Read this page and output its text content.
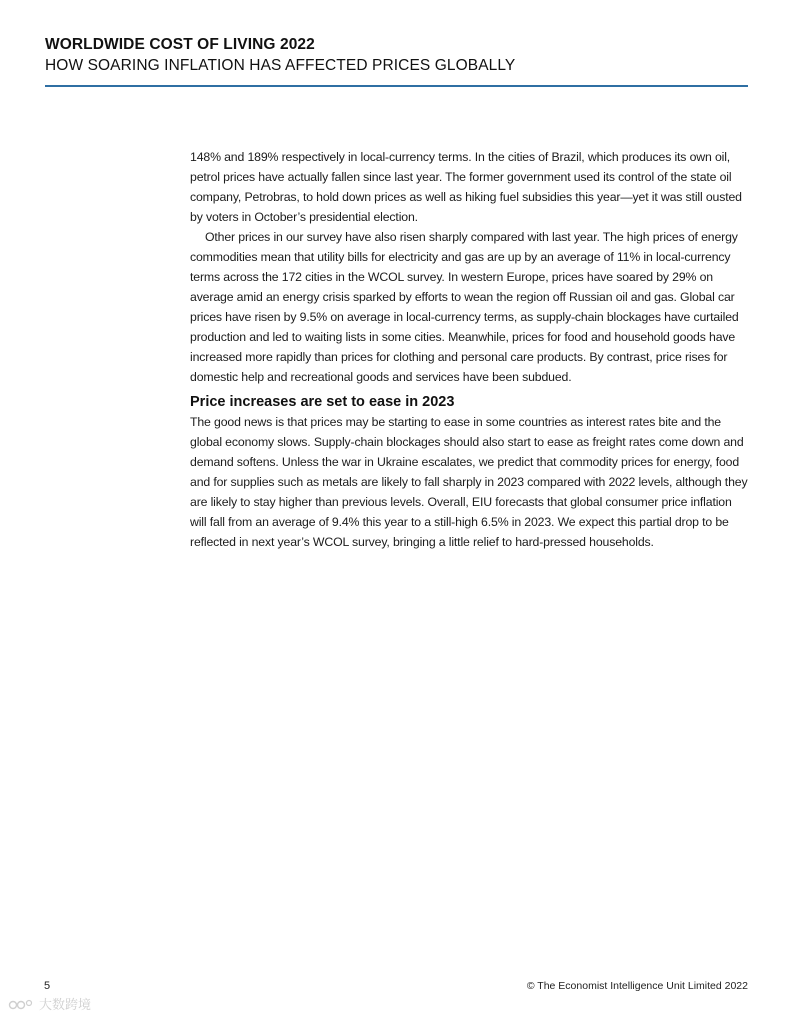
WORLDWIDE COST OF LIVING 2022
HOW SOARING INFLATION HAS AFFECTED PRICES GLOBALLY

148% and 189% respectively in local-currency terms. In the cities of Brazil, which produces its own oil, petrol prices have actually fallen since last year. The former government used its control of the state oil company, Petrobras, to hold down prices as well as hiking fuel subsidies this year—yet it was still ousted by voters in October’s presidential election.

Other prices in our survey have also risen sharply compared with last year. The high prices of energy commodities mean that utility bills for electricity and gas are up by an average of 11% in local-currency terms across the 172 cities in the WCOL survey. In western Europe, prices have soared by 29% on average amid an energy crisis sparked by efforts to wean the region off Russian oil and gas. Global car prices have risen by 9.5% on average in local-currency terms, as supply-chain blockages have curtailed production and led to waiting lists in some cities. Meanwhile, prices for food and household goods have increased more rapidly than prices for clothing and personal care products. By contrast, price rises for domestic help and recreational goods and services have been subdued.

Price increases are set to ease in 2023

The good news is that prices may be starting to ease in some countries as interest rates bite and the global economy slows. Supply-chain blockages should also start to ease as freight rates come down and demand softens. Unless the war in Ukraine escalates, we predict that commodity prices for energy, food and for supplies such as metals are likely to fall sharply in 2023 compared with 2022 levels, although they are likely to stay higher than previous levels. Overall, EIU forecasts that global consumer price inflation will fall from an average of 9.4% this year to a still-high 6.5% in 2023. We expect this partial drop to be reflected in next year’s WCOL survey, bringing a little relief to hard-pressed households.

5	© The Economist Intelligence Unit Limited 2022
大数跨境
